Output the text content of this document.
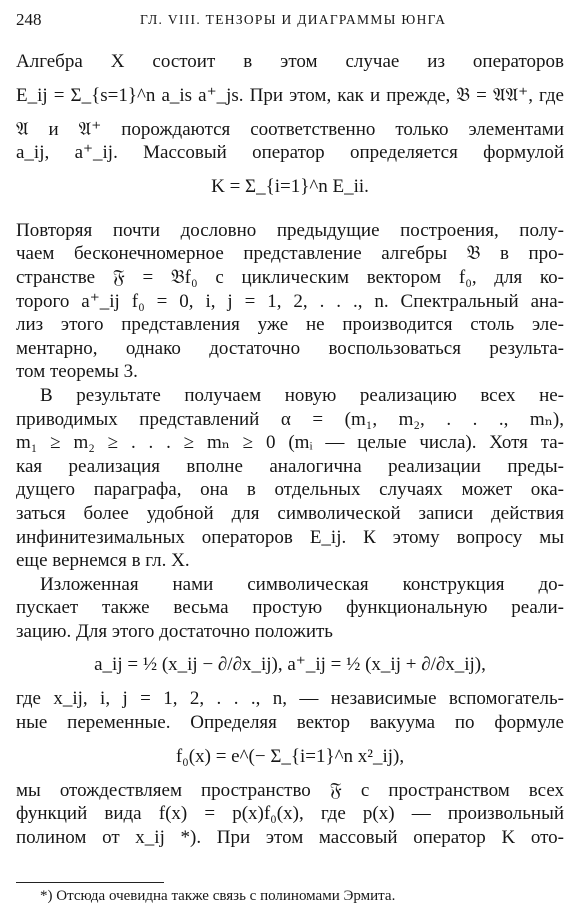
248	ГЛ. VIII. ТЕНЗОРЫ И ДИАГРАММЫ ЮНГА
Алгебра X состоит в этом случае из операторов
E_ij = Σ_{s=1}^n a_is a⁺_js. При этом, как и прежде, 𝔅 = 𝔄𝔄⁺, где
𝔄 и 𝔄⁺ порождаются соответственно только элементами
a_ij, a⁺_ij. Массовый оператор определяется формулой
K = Σ_{i=1}^n E_ii.
Повторяя почти дословно предыдущие построения, полу-
чаем бесконечномерное представление алгебры 𝔅 в про-
странстве 𝔉 = 𝔅f₀ с циклическим вектором f₀, для ко-
торого a⁺_ij f₀ = 0, i, j = 1, 2, . . ., n. Спектральный ана-
лиз этого представления уже не производится столь эле-
ментарно, однако достаточно воспользоваться результа-
том теоремы 3.
В результате получаем новую реализацию всех не-
приводимых представлений α = (m₁, m₂, . . ., mₙ),
m₁ ≥ m₂ ≥ . . . ≥ mₙ ≥ 0 (mᵢ — целые числа). Хотя та-
кая реализация вполне аналогична реализации преды-
дущего параграфа, она в отдельных случаях может ока-
заться более удобной для символической записи действия
инфинитезимальных операторов E_ij. К этому вопросу мы
еще вернемся в гл. X.
Изложенная нами символическая конструкция до-
пускает также весьма простую функциональную реали-
зацию. Для этого достаточно положить
a_ij = ½ (x_ij − ∂/∂x_ij), a⁺_ij = ½ (x_ij + ∂/∂x_ij),
где x_ij, i, j = 1, 2, . . ., n, — независимые вспомогатель-
ные переменные. Определяя вектор вакуума по формуле
f₀(x) = e^(− Σ_{i=1}^n x²_ij),
мы отождествляем пространство 𝔉 с пространством всех
функций вида f(x) = p(x)f₀(x), где p(x) — произвольный
полином от x_ij *). При этом массовый оператор K ото-
*) Отсюда очевидна также связь с полиномами Эрмита.
